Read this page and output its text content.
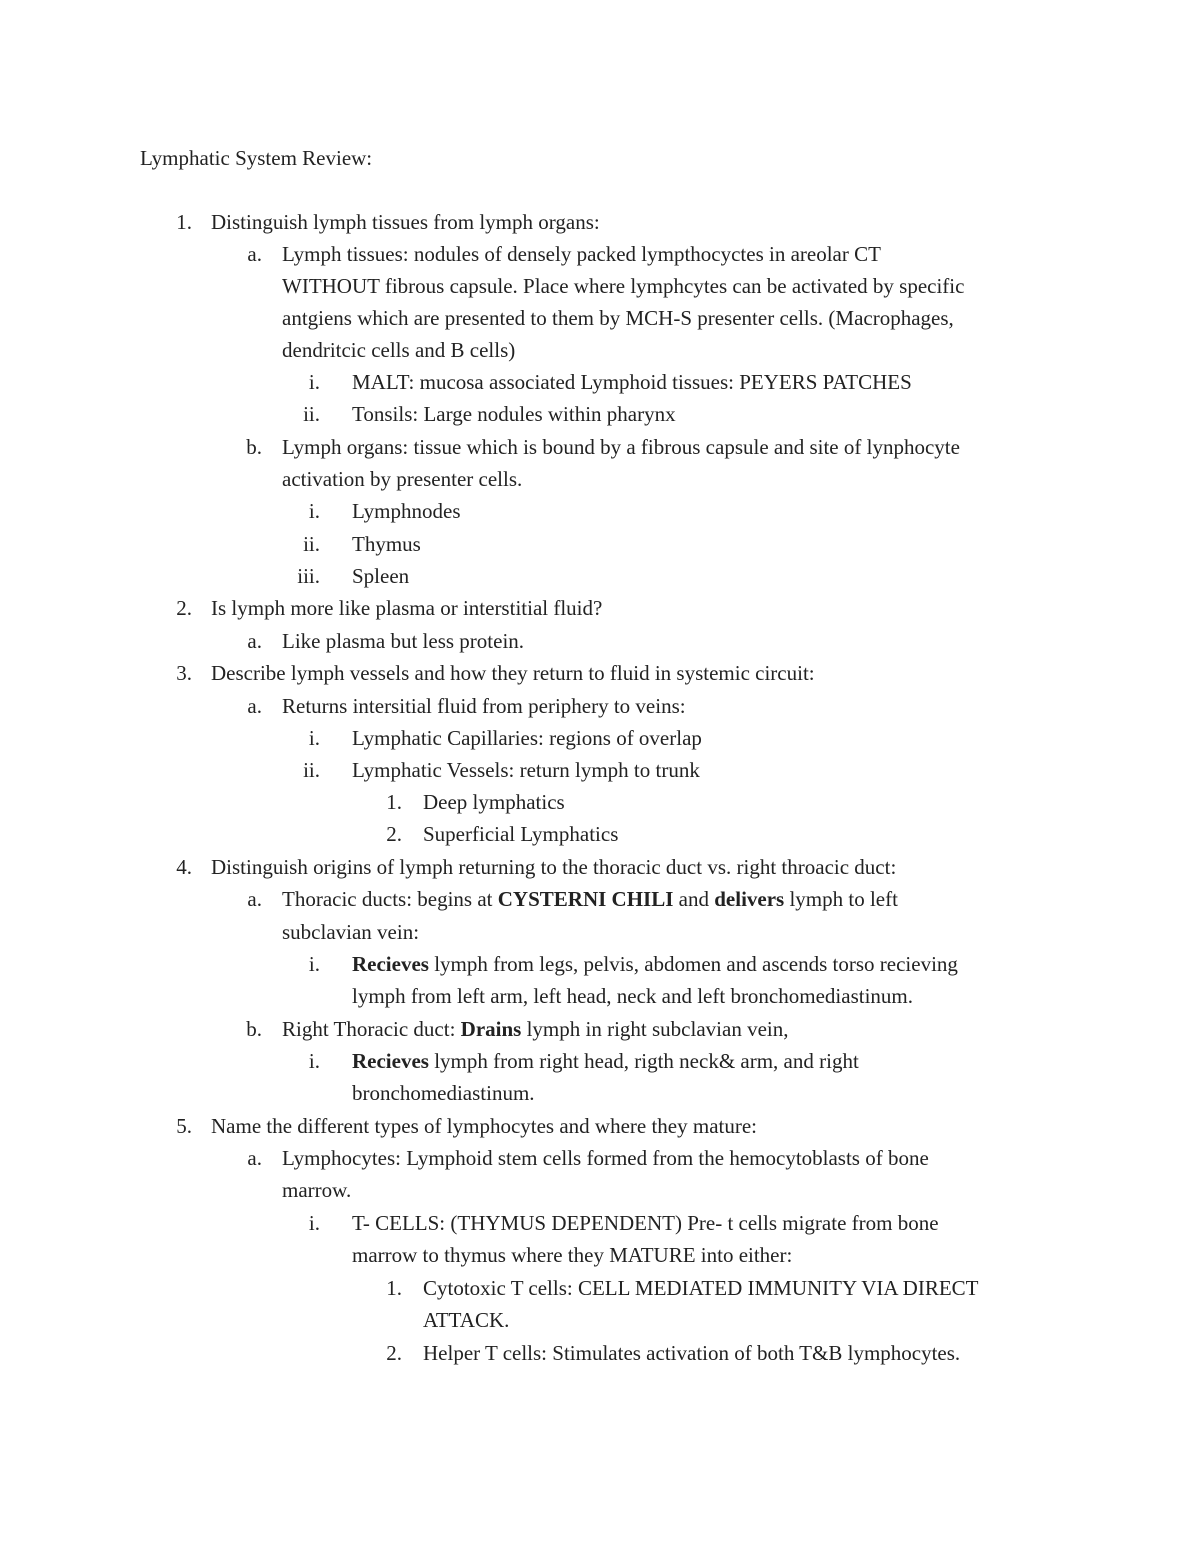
Lymphatic System Review:
1. Distinguish lymph tissues from lymph organs:
a. Lymph tissues: nodules of densely packed lympthocyctes in areolar CT
WITHOUT fibrous capsule. Place where lymphcytes can be activated by specific
antgiens which are presented to them by MCH-S presenter cells. (Macrophages,
dendritcic cells and B cells)
i. MALT: mucosa associated Lymphoid tissues: PEYERS PATCHES
ii. Tonsils: Large nodules within pharynx
b. Lymph organs: tissue which is bound by a fibrous capsule and site of lynphocyte
activation by presenter cells.
i. Lymphnodes
ii. Thymus
iii. Spleen
2. Is lymph more like plasma or interstitial fluid?
a. Like plasma but less protein.
3. Describe lymph vessels and how they return to fluid in systemic circuit:
a. Returns intersitial fluid from periphery to veins:
i. Lymphatic Capillaries: regions of overlap
ii. Lymphatic Vessels: return lymph to trunk
1. Deep lymphatics
2. Superficial Lymphatics
4. Distinguish origins of lymph returning to the thoracic duct vs. right throacic duct:
a. Thoracic ducts: begins at CYSTERNI CHILI and delivers lymph to left
subclavian vein:
i. Recieves lymph from legs, pelvis, abdomen and ascends torso recieving
lymph from left arm, left head, neck and left bronchomediastinum.
b. Right Thoracic duct: Drains lymph in right subclavian vein,
i. Recieves lymph from right head, rigth neck& arm, and right
bronchomediastinum.
5. Name the different types of lymphocytes and where they mature:
a. Lymphocytes: Lymphoid stem cells formed from the hemocytoblasts of bone
marrow.
i. T- CELLS: (THYMUS DEPENDENT) Pre- t cells migrate from bone
marrow to thymus where they MATURE into either:
1. Cytotoxic T cells: CELL MEDIATED IMMUNITY VIA DIRECT
ATTACK.
2. Helper T cells: Stimulates activation of both T&B lymphocytes.
